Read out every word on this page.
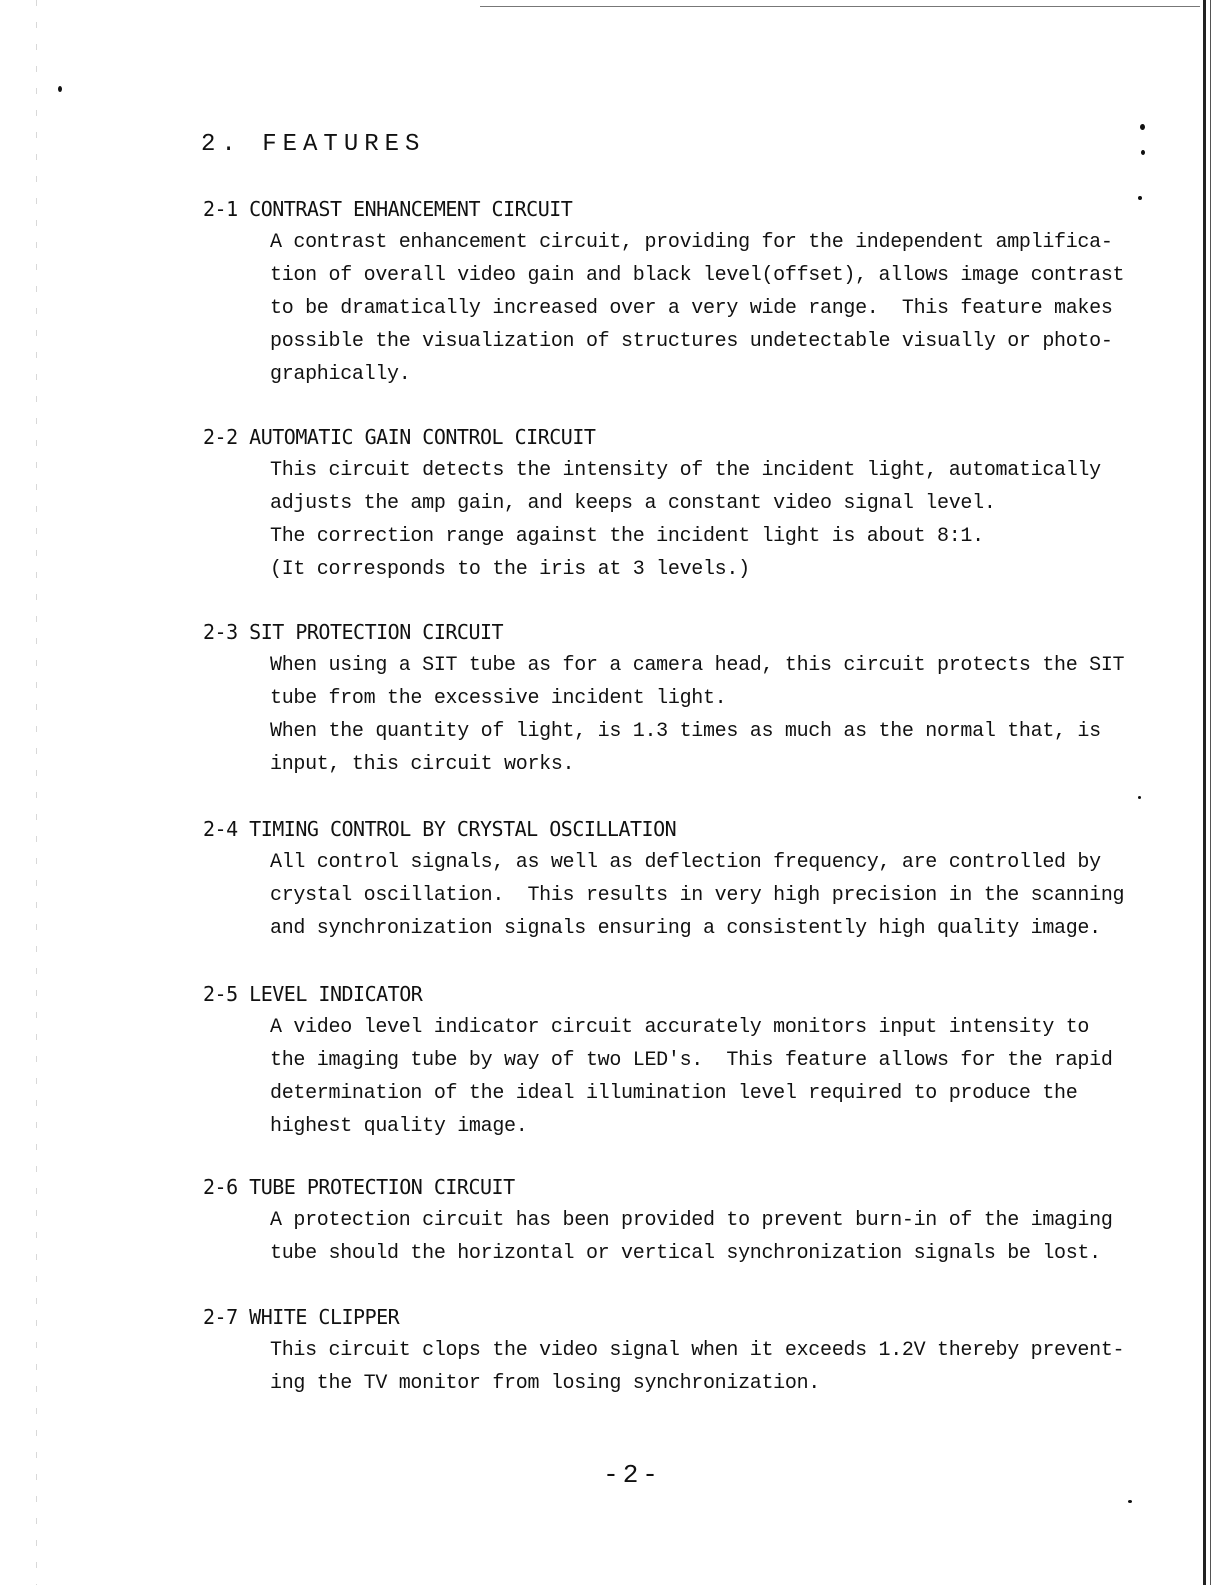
2. FEATURES
2-1 CONTRAST ENHANCEMENT CIRCUIT
A contrast enhancement circuit, providing for the independent amplifica-
tion of overall video gain and black level(offset), allows image contrast
to be dramatically increased over a very wide range.  This feature makes
possible the visualization of structures undetectable visually or photo-
graphically.
2-2 AUTOMATIC GAIN CONTROL CIRCUIT
This circuit detects the intensity of the incident light, automatically
adjusts the amp gain, and keeps a constant video signal level.
The correction range against the incident light is about 8:1.
(It corresponds to the iris at 3 levels.)
2-3 SIT PROTECTION CIRCUIT
When using a SIT tube as for a camera head, this circuit protects the SIT
tube from the excessive incident light.
When the quantity of light, is 1.3 times as much as the normal that, is
input, this circuit works.
2-4 TIMING CONTROL BY CRYSTAL OSCILLATION
All control signals, as well as deflection frequency, are controlled by
crystal oscillation.  This results in very high precision in the scanning
and synchronization signals ensuring a consistently high quality image.
2-5 LEVEL INDICATOR
A video level indicator circuit accurately monitors input intensity to
the imaging tube by way of two LED's.  This feature allows for the rapid
determination of the ideal illumination level required to produce the
highest quality image.
2-6 TUBE PROTECTION CIRCUIT
A protection circuit has been provided to prevent burn-in of the imaging
tube should the horizontal or vertical synchronization signals be lost.
2-7 WHITE CLIPPER
This circuit clops the video signal when it exceeds 1.2V thereby prevent-
ing the TV monitor from losing synchronization.
-2-
